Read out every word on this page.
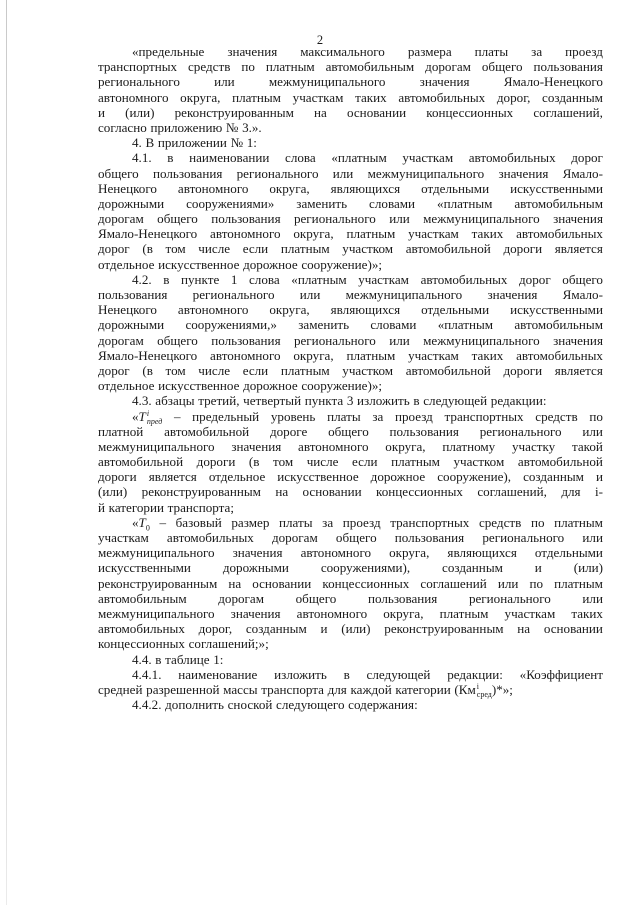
2
«предельные значения максимального размера платы за проезд
транспортных средств по платным автомобильным дорогам общего пользования
регионального	или	межмуниципального	значения	Ямало-Ненецкого
автономного округа, платным участкам таких автомобильных дорог, созданным
и (или) реконструированным на основании концессионных соглашений,
согласно приложению № 3.».
4. В приложении № 1:
4.1. в наименовании слова «платным участкам автомобильных дорог
общего пользования регионального или межмуниципального значения Ямало-
Ненецкого автономного округа, являющихся отдельными искусственными
дорожными сооружениями» заменить словами «платным автомобильным
дорогам общего пользования регионального или межмуниципального значения
Ямало-Ненецкого автономного округа, платным участкам таких автомобильных
дорог (в том числе если платным участком автомобильной дороги является
отдельное искусственное дорожное сооружение)»;
4.2. в пункте 1 слова «платным участкам автомобильных дорог общего
пользования регионального или межмуниципального значения Ямало-
Ненецкого автономного округа, являющихся отдельными искусственными
дорожными сооружениями,» заменить словами «платным автомобильным
дорогам общего пользования регионального или межмуниципального значения
Ямало-Ненецкого автономного округа, платным участкам таких автомобильных
дорог (в том числе если платным участком автомобильной дороги является
отдельное искусственное дорожное сооружение)»;
4.3. абзацы третий, четвертый пункта 3 изложить в следующей редакции:
«T i
пред – предельный уровень платы за проезд транспортных средств по
платной автомобильной дороге общего пользования регионального или
межмуниципального значения автономного округа, платному участку такой
автомобильной дороги (в том числе если платным участком автомобильной
дороги является отдельное искусственное дорожное сооружение), созданным и
(или) реконструированным на основании концессионных соглашений, для i-
й категории транспорта;
«$T_0$ – базовый размер платы за проезд транспортных средств по платным
участкам автомобильных дорогам общего пользования регионального или
межмуниципального значения автономного округа, являющихся отдельными
искусственными дорожными сооружениями), созданным и (или)
реконструированным на основании концессионных соглашений или по платным
автомобильным дорогам общего пользования регионального или
межмуниципального значения автономного округа, платным участкам таких
автомобильных дорог, созданным и (или) реконструированным на основании
концессионных соглашений;»;
4.4. в таблице 1:
4.4.1. наименование изложить в следующей редакции: «Коэффициент
средней разрешенной массы транспорта для каждой категории (Км i
сред )*»;
4.4.2. дополнить сноской следующего содержания:
